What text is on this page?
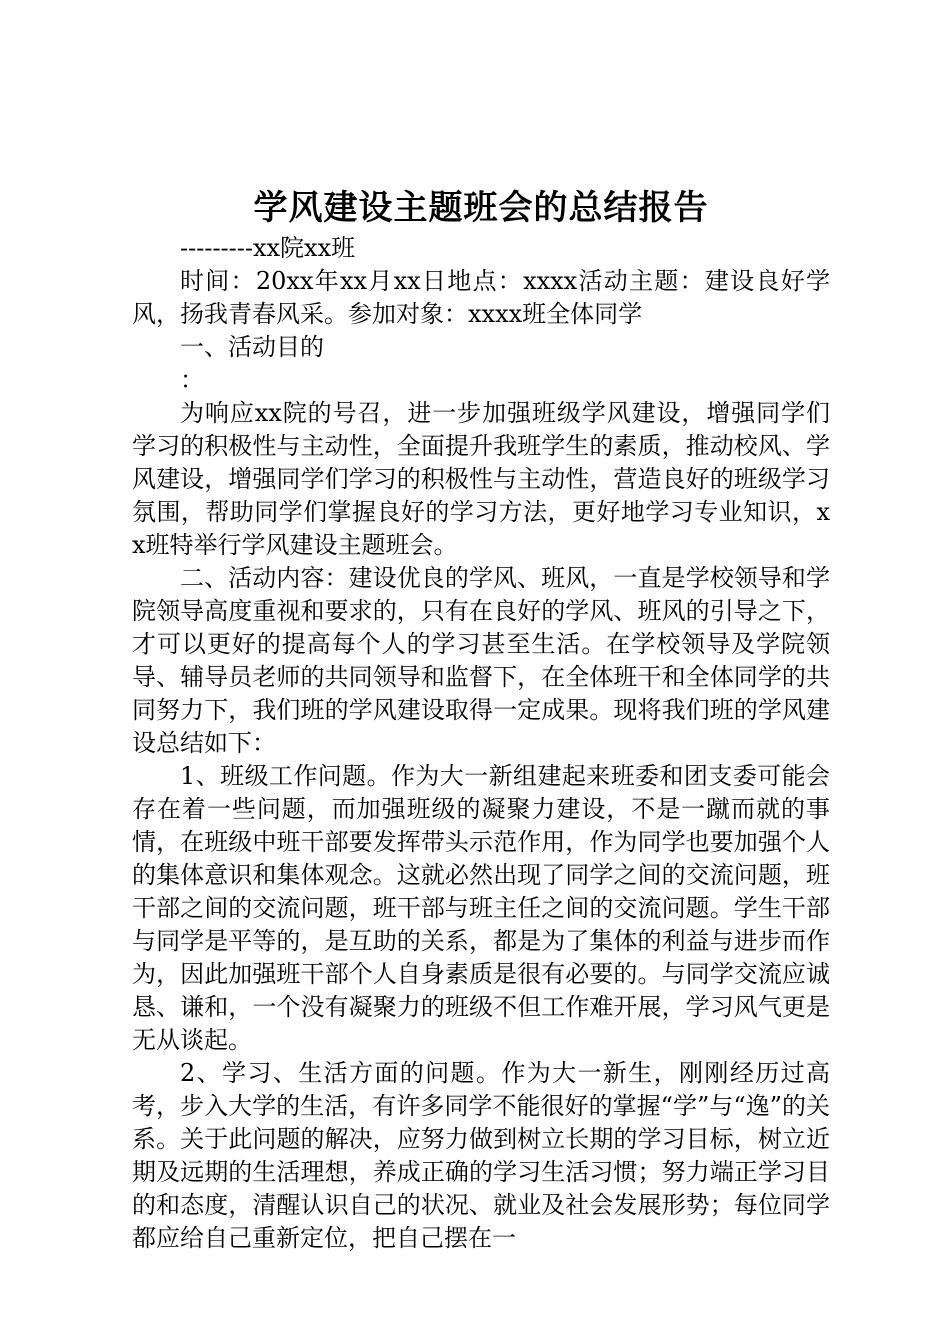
学风建设主题班会的总结报告

---------xx院xx班

时间：20xx年xx月xx日地点：xxxx活动主题：建设良好学风，扬我青春风采。参加对象：xxxx班全体同学

一、活动目的

：

为响应xx院的号召，进一步加强班级学风建设，增强同学们学习的积极性与主动性，全面提升我班学生的素质，推动校风、学风建设，增强同学们学习的积极性与主动性，营造良好的班级学习氛围，帮助同学们掌握良好的学习方法，更好地学习专业知识，xx班特举行学风建设主题班会。

二、活动内容：建设优良的学风、班风，一直是学校领导和学院领导高度重视和要求的，只有在良好的学风、班风的引导之下，才可以更好的提高每个人的学习甚至生活。在学校领导及学院领导、辅导员老师的共同领导和监督下，在全体班干和全体同学的共同努力下，我们班的学风建设取得一定成果。现将我们班的学风建设总结如下：

1、班级工作问题。作为大一新组建起来班委和团支委可能会存在着一些问题，而加强班级的凝聚力建设，不是一蹴而就的事情，在班级中班干部要发挥带头示范作用，作为同学也要加强个人的集体意识和集体观念。这就必然出现了同学之间的交流问题，班干部之间的交流问题，班干部与班主任之间的交流问题。学生干部与同学是平等的，是互助的关系，都是为了集体的利益与进步而作为，因此加强班干部个人自身素质是很有必要的。与同学交流应诚恳、谦和，一个没有凝聚力的班级不但工作难开展，学习风气更是无从谈起。

2、学习、生活方面的问题。作为大一新生，刚刚经历过高考，步入大学的生活，有许多同学不能很好的掌握“学”与“逸”的关系。关于此问题的解决，应努力做到树立长期的学习目标，树立近期及远期的生活理想，养成正确的学习生活习惯；努力端正学习目的和态度，清醒认识自己的状况、就业及社会发展形势；每位同学都应给自己重新定位，把自己摆在一
